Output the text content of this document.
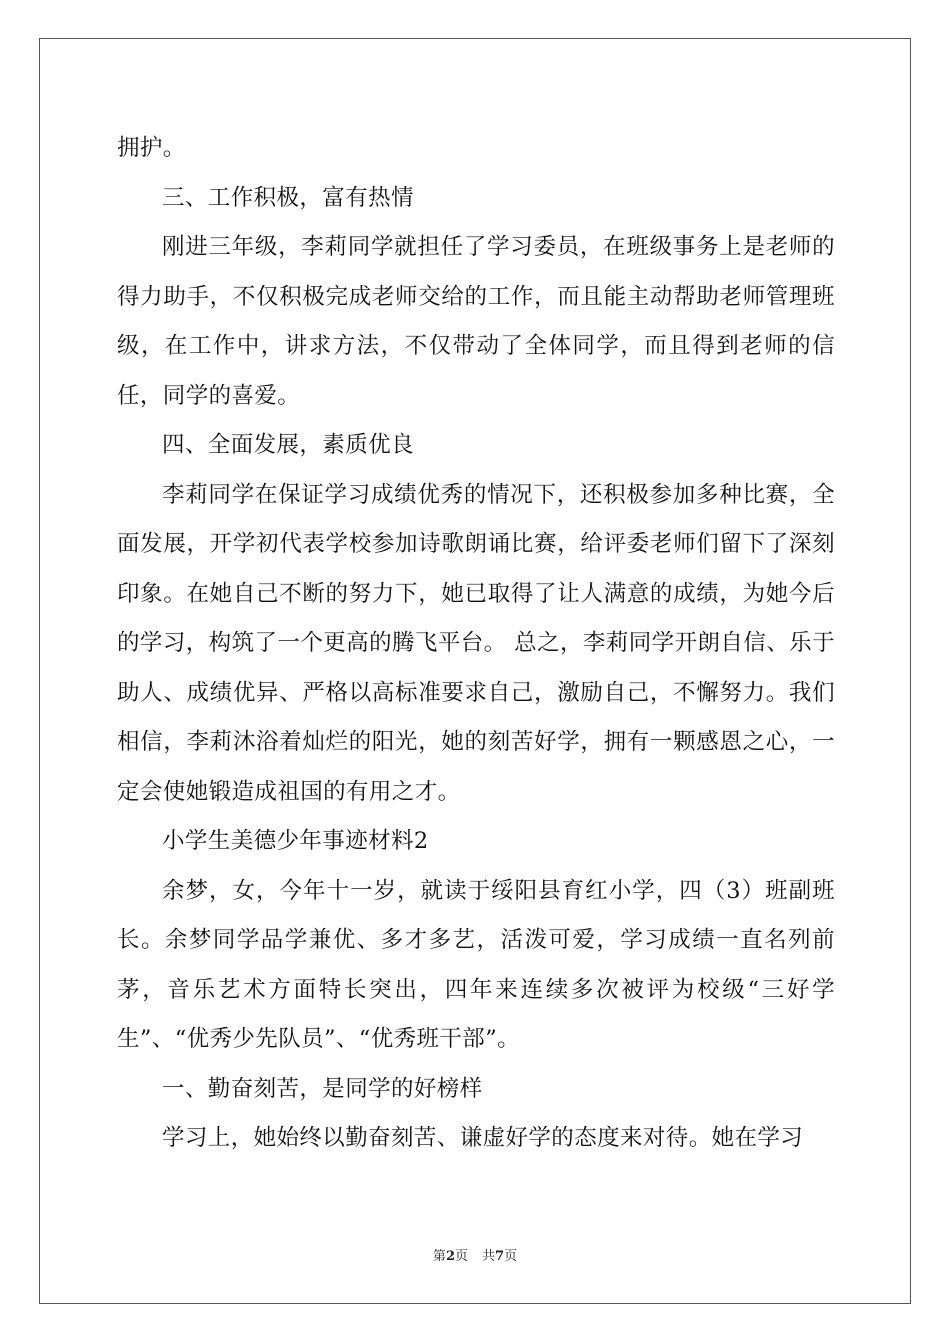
拥护。

三、工作积极，富有热情

刚进三年级，李莉同学就担任了学习委员，在班级事务上是老师的得力助手，不仅积极完成老师交给的工作，而且能主动帮助老师管理班级，在工作中，讲求方法，不仅带动了全体同学，而且得到老师的信任，同学的喜爱。

四、全面发展，素质优良

李莉同学在保证学习成绩优秀的情况下，还积极参加多种比赛，全面发展，开学初代表学校参加诗歌朗诵比赛，给评委老师们留下了深刻印象。在她自己不断的努力下，她已取得了让人满意的成绩，为她今后的学习，构筑了一个更高的腾飞平台。 总之，李莉同学开朗自信、乐于助人、成绩优异、严格以高标准要求自己，激励自己，不懈努力。我们相信，李莉沐浴着灿烂的阳光，她的刻苦好学，拥有一颗感恩之心，一定会使她锻造成祖国的有用之才。

小学生美德少年事迹材料2

余梦，女，今年十一岁，就读于绥阳县育红小学，四（3）班副班长。余梦同学品学兼优、多才多艺，活泼可爱，学习成绩一直名列前茅，音乐艺术方面特长突出，四年来连续多次被评为校级“三好学生”、“优秀少先队员”、“优秀班干部”。

一、勤奋刻苦，是同学的好榜样

学习上，她始终以勤奋刻苦、谦虚好学的态度来对待。她在学习

第2页 共7页
